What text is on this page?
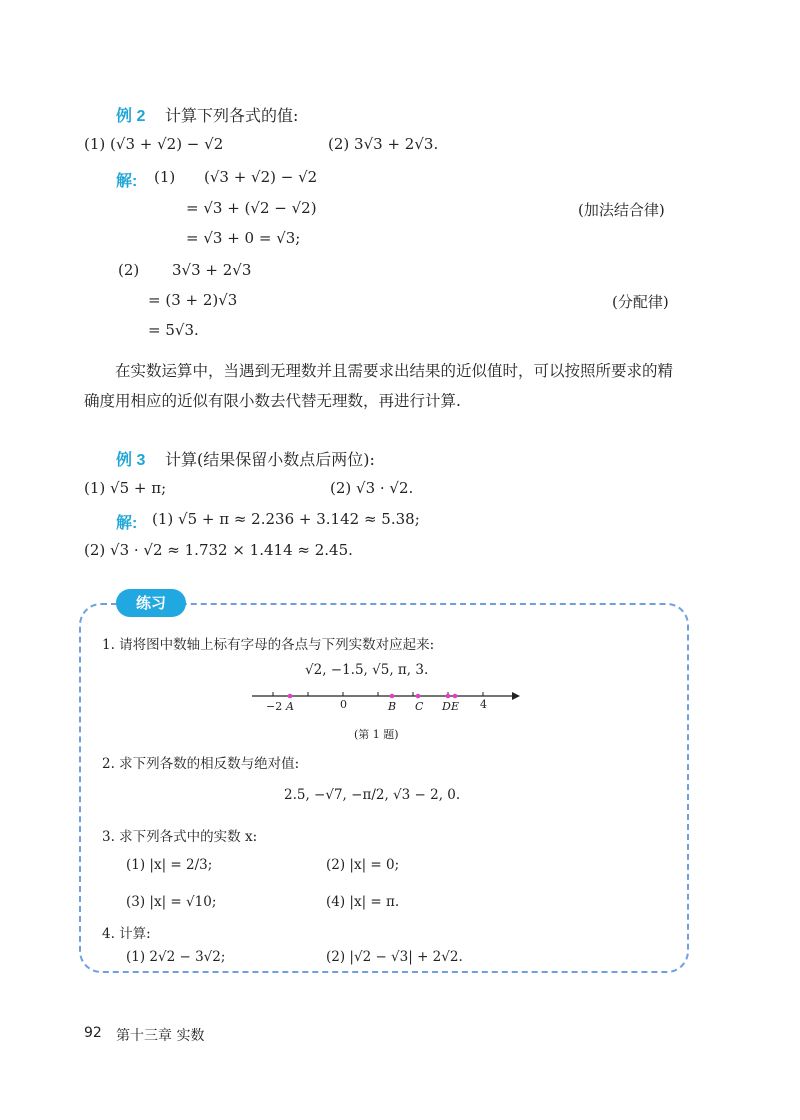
例 2 计算下列各式的值:
(1) (√3 + √2) − √2	(2) 3√3 + 2√3.
解: (1) (√3 + √2) − √2
= √3 + (√2 − √2)	(加法结合律)
= √3 + 0 = √3;
(2) 3√3 + 2√3
= (3 + 2)√3	(分配律)
= 5√3.
在实数运算中，当遇到无理数并且需要求出结果的近似值时，可以按照所要求的精确度用相应的近似有限小数去代替无理数，再进行计算.
例 3 计算(结果保留小数点后两位):
(1) √5 + π;	(2) √3 · √2.
解: (1) √5 + π ≈ 2.236 + 3.142 ≈ 5.38;
(2) √3 · √2 ≈ 1.732 × 1.414 ≈ 2.45.
练习
1. 请将图中数轴上标有字母的各点与下列实数对应起来:
√2, −1.5, √5, π, 3.
−2	0	4
A	B C D E
(第 1 题)
2. 求下列各数的相反数与绝对值:
2.5, −√7, −π/2, √3 − 2, 0.
3. 求下列各式中的实数 x:
(1) |x| = 2/3;	(2) |x| = 0;
(3) |x| = √10;	(4) |x| = π.
4. 计算:
(1) 2√2 − 3√2;	(2) |√2 − √3| + 2√2.
92 第十三章 实数
